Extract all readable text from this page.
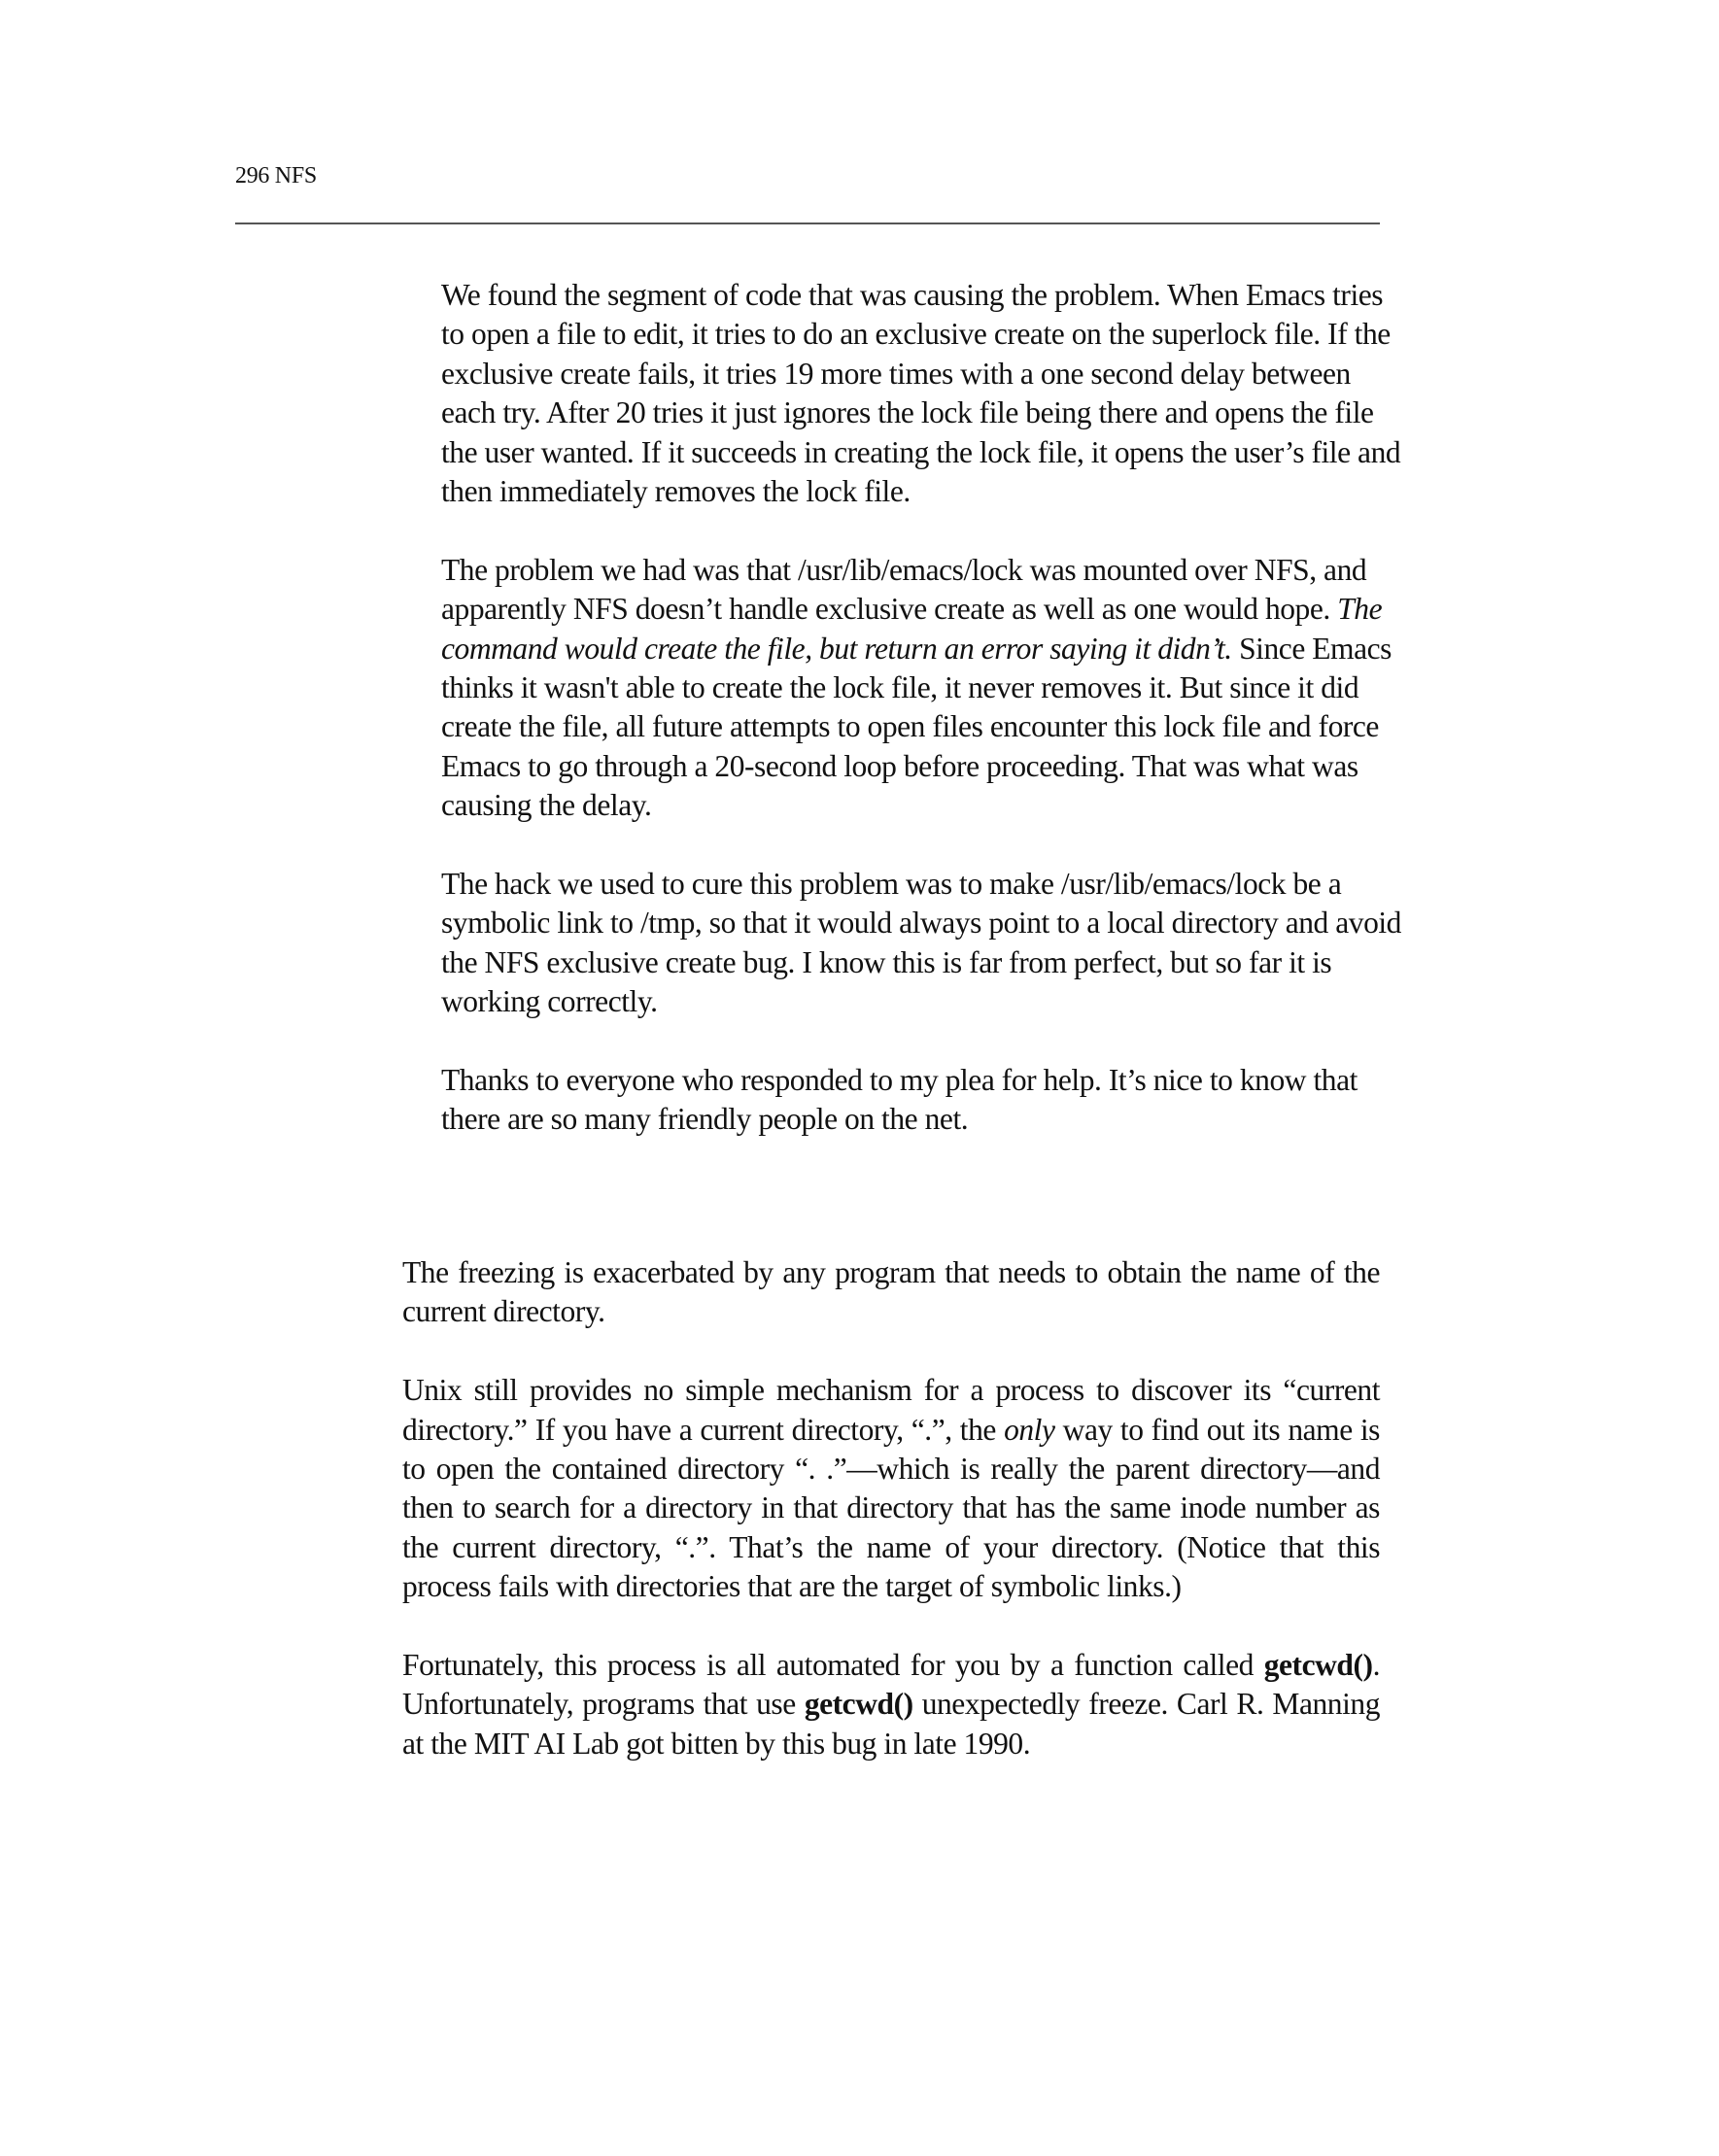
296 NFS

We found the segment of code that was causing the problem. When Emacs tries to open a file to edit, it tries to do an exclusive create on the superlock file. If the exclusive create fails, it tries 19 more times with a one second delay between each try. After 20 tries it just ignores the lock file being there and opens the file the user wanted. If it succeeds in creating the lock file, it opens the user’s file and then immediately removes the lock file.

The problem we had was that /usr/lib/emacs/lock was mounted over NFS, and apparently NFS doesn’t handle exclusive create as well as one would hope. The command would create the file, but return an error saying it didn’t. Since Emacs thinks it wasn't able to create the lock file, it never removes it. But since it did create the file, all future attempts to open files encounter this lock file and force Emacs to go through a 20-second loop before proceeding. That was what was causing the delay.

The hack we used to cure this problem was to make /usr/lib/emacs/lock be a symbolic link to /tmp, so that it would always point to a local directory and avoid the NFS exclusive create bug. I know this is far from perfect, but so far it is working correctly.

Thanks to everyone who responded to my plea for help. It’s nice to know that there are so many friendly people on the net.

The freezing is exacerbated by any program that needs to obtain the name of the current directory.

Unix still provides no simple mechanism for a process to discover its “current directory.” If you have a current directory, “.”, the only way to find out its name is to open the contained directory “. .”—which is really the parent directory—and then to search for a directory in that directory that has the same inode number as the current directory, “.”. That’s the name of your directory. (Notice that this process fails with directories that are the target of symbolic links.)

Fortunately, this process is all automated for you by a function called getcwd(). Unfortunately, programs that use getcwd() unexpectedly freeze. Carl R. Manning at the MIT AI Lab got bitten by this bug in late 1990.
